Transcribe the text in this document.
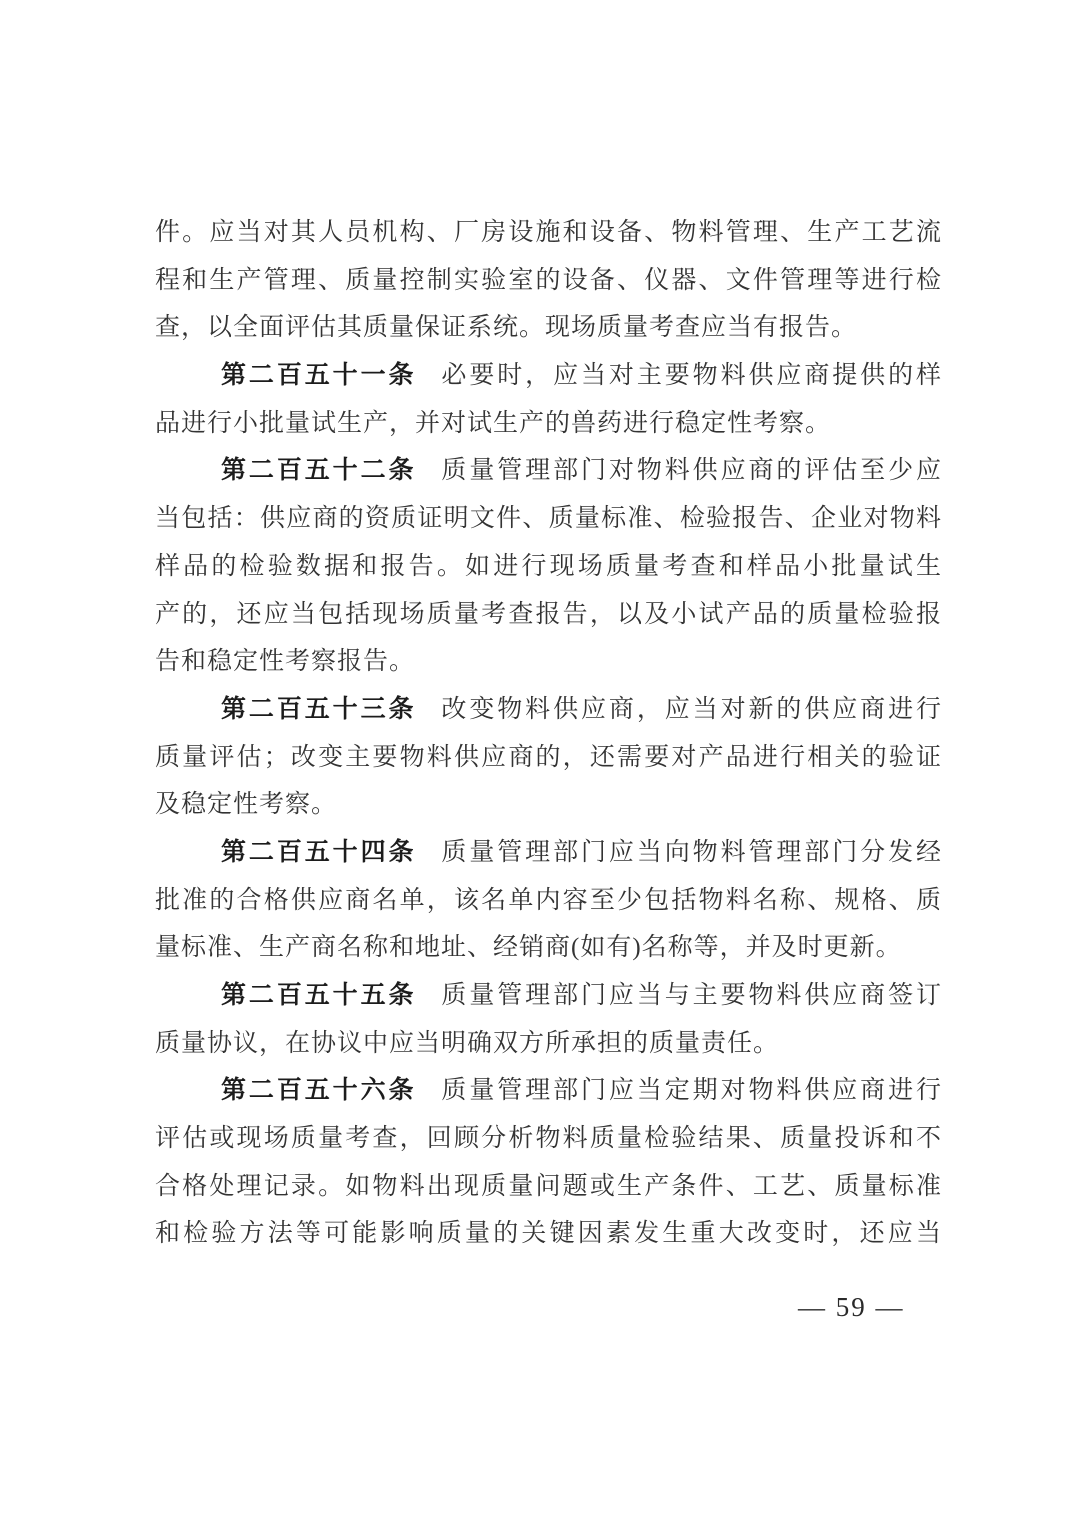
件。应当对其人员机构、厂房设施和设备、物料管理、生产工艺流
程和生产管理、质量控制实验室的设备、仪器、文件管理等进行检
查，以全面评估其质量保证系统。现场质量考查应当有报告。
第二百五十一条 必要时，应当对主要物料供应商提供的样
品进行小批量试生产，并对试生产的兽药进行稳定性考察。
第二百五十二条 质量管理部门对物料供应商的评估至少应
当包括：供应商的资质证明文件、质量标准、检验报告、企业对物料
样品的检验数据和报告。如进行现场质量考查和样品小批量试生
产的，还应当包括现场质量考查报告，以及小试产品的质量检验报
告和稳定性考察报告。
第二百五十三条 改变物料供应商，应当对新的供应商进行
质量评估；改变主要物料供应商的，还需要对产品进行相关的验证
及稳定性考察。
第二百五十四条 质量管理部门应当向物料管理部门分发经
批准的合格供应商名单，该名单内容至少包括物料名称、规格、质
量标准、生产商名称和地址、经销商(如有)名称等，并及时更新。
第二百五十五条 质量管理部门应当与主要物料供应商签订
质量协议，在协议中应当明确双方所承担的质量责任。
第二百五十六条 质量管理部门应当定期对物料供应商进行
评估或现场质量考查，回顾分析物料质量检验结果、质量投诉和不
合格处理记录。如物料出现质量问题或生产条件、工艺、质量标准
和检验方法等可能影响质量的关键因素发生重大改变时，还应当
— 59 —
